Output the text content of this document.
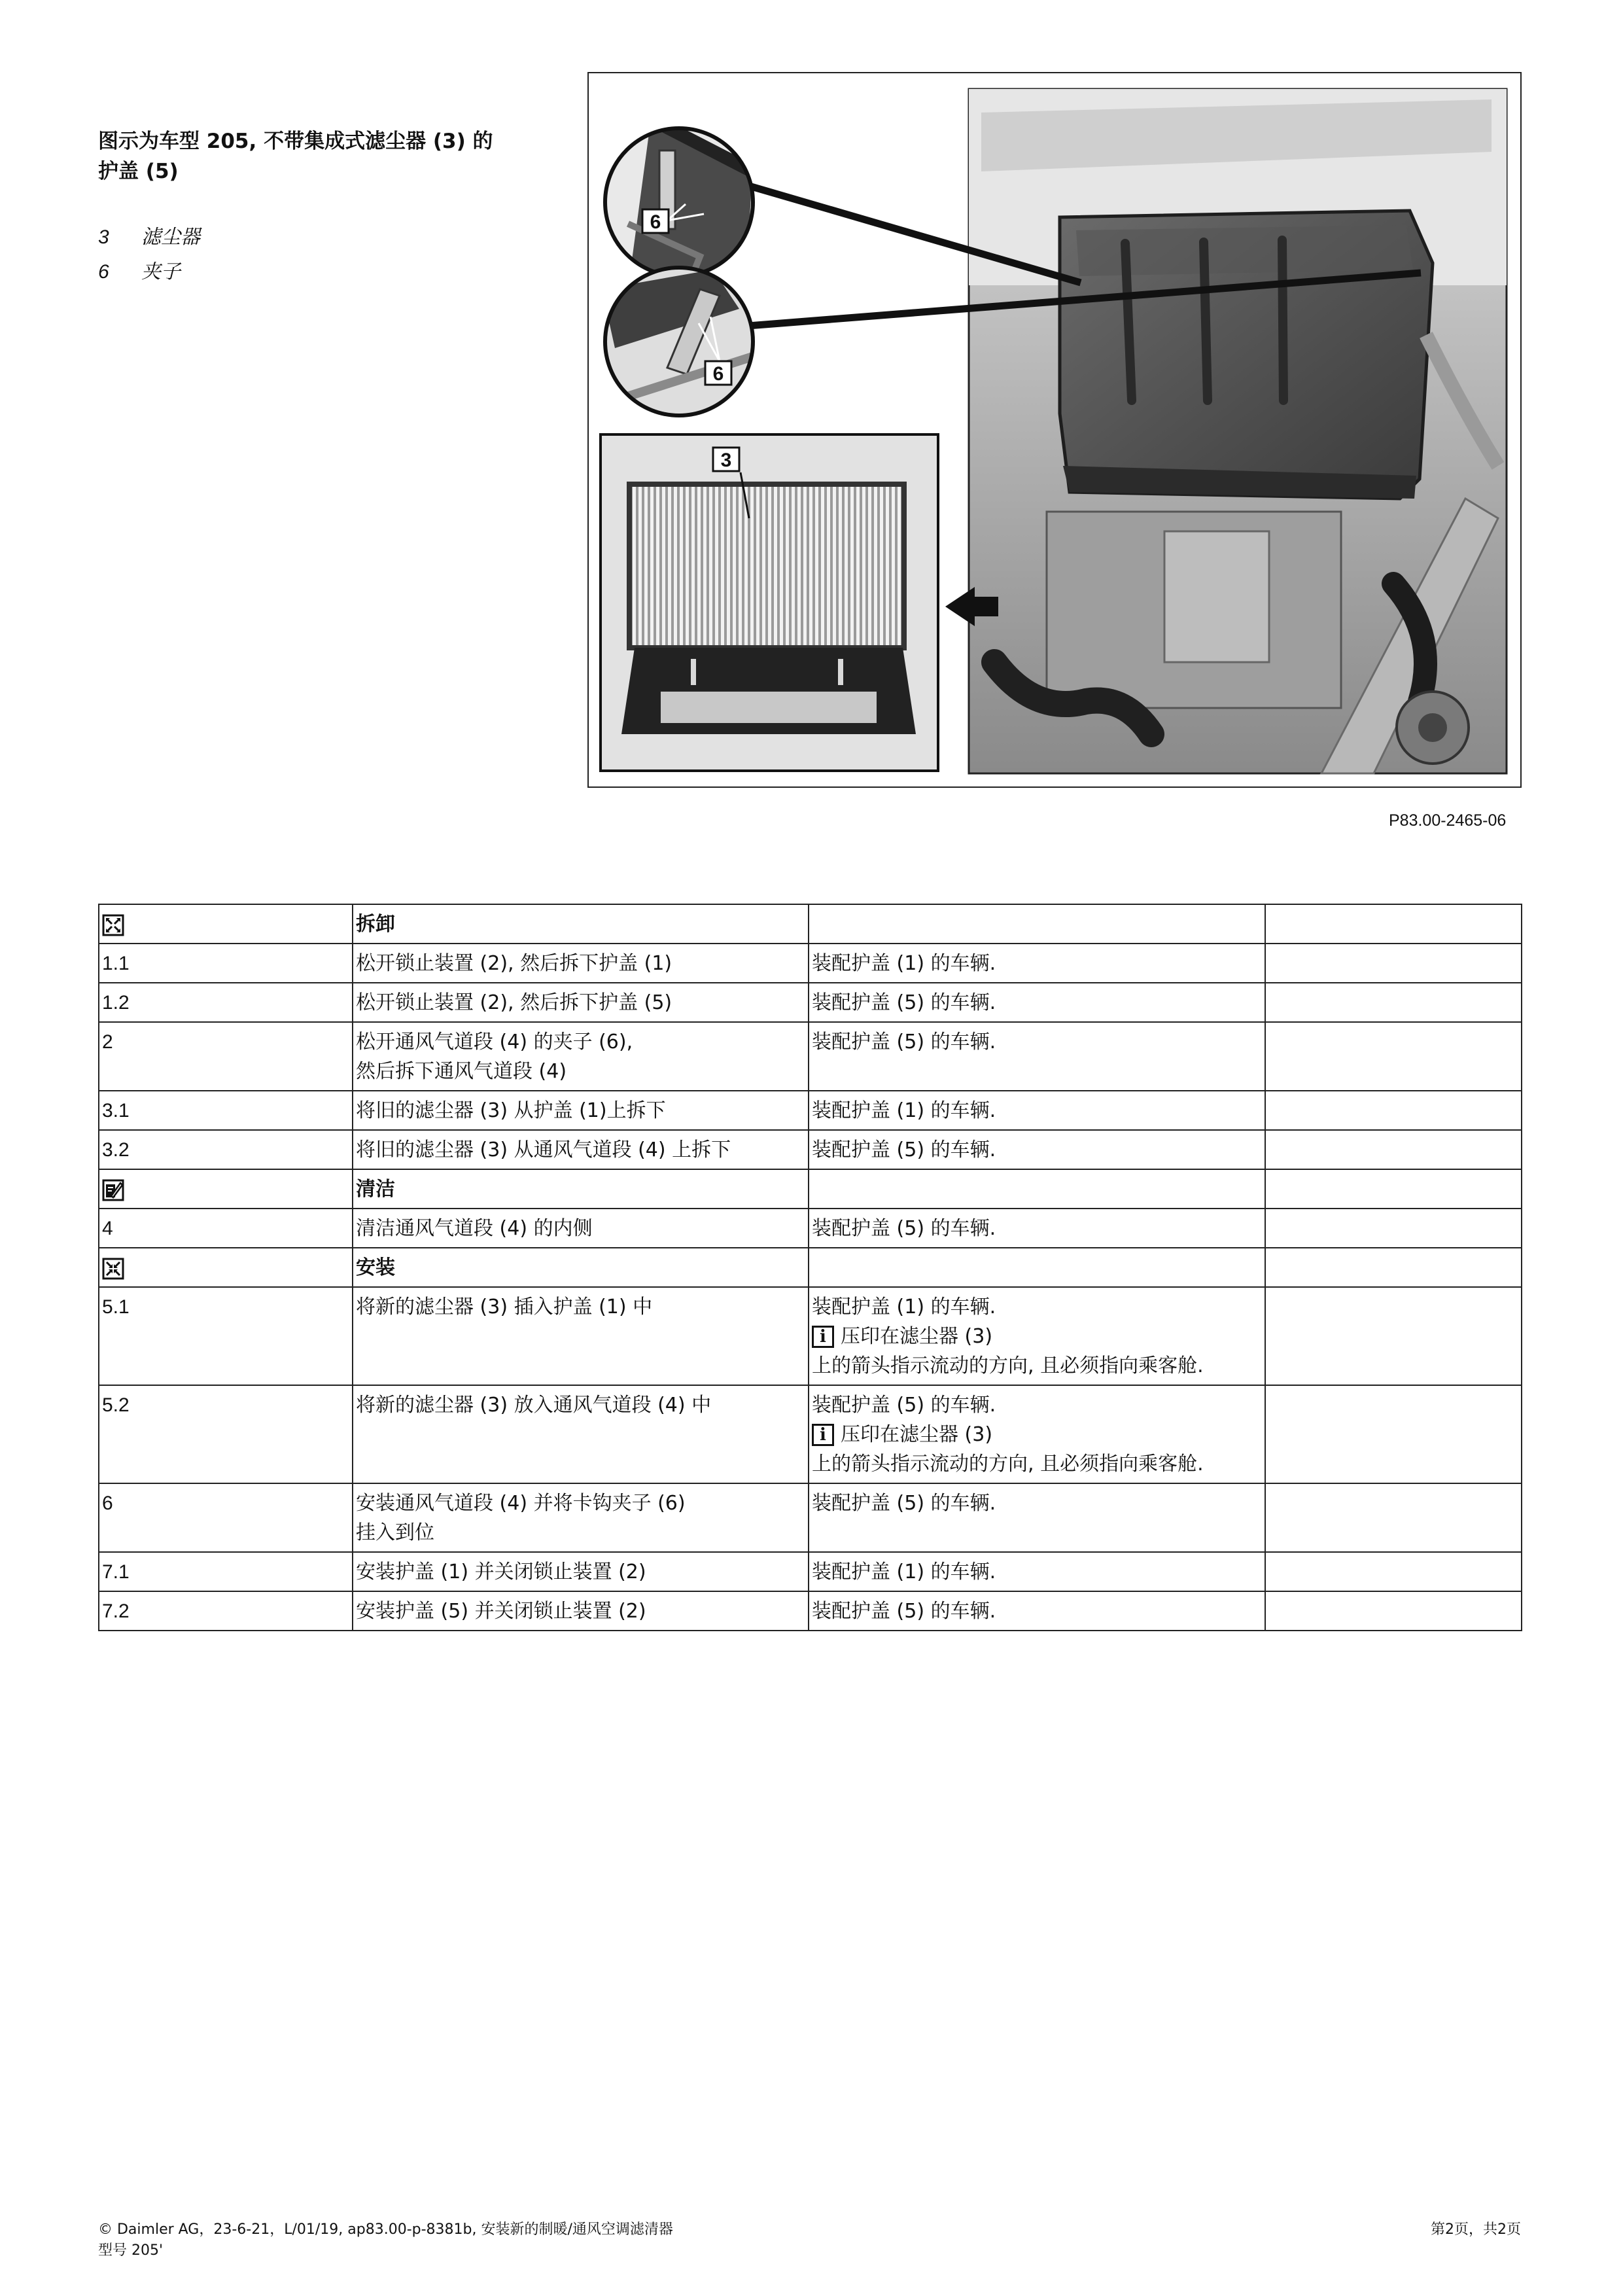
图示为车型 205, 不带集成式滤尘器 (3) 的护盖 (5)
3	滤尘器
6	夹子
6
6
3
P83.00-2465-06
	拆卸		
1.1	松开锁止装置 (2), 然后拆下护盖 (1)	装配护盖 (1) 的车辆.	
1.2	松开锁止装置 (2), 然后拆下护盖 (5)	装配护盖 (5) 的车辆.	
2	松开通风气道段 (4) 的夹子 (6),
然后拆下通风气道段 (4)	装配护盖 (5) 的车辆.	
3.1	将旧的滤尘器 (3) 从护盖 (1)上拆下	装配护盖 (1) 的车辆.	
3.2	将旧的滤尘器 (3) 从通风气道段 (4) 上拆下	装配护盖 (5) 的车辆.	
	清洁		
4	清洁通风气道段 (4) 的内侧	装配护盖 (5) 的车辆.	
	安装		
5.1	将新的滤尘器 (3) 插入护盖 (1) 中	装配护盖 (1) 的车辆.
i 压印在滤尘器 (3)
上的箭头指示流动的方向, 且必须指向乘客舱.	

5.2	将新的滤尘器 (3) 放入通风气道段 (4) 中	装配护盖 (5) 的车辆.
i 压印在滤尘器 (3)
上的箭头指示流动的方向, 且必须指向乘客舱.	

6	安装通风气道段 (4) 并将卡钩夹子 (6)
挂入到位	装配护盖 (5) 的车辆.	
7.1	安装护盖 (1) 并关闭锁止装置 (2)	装配护盖 (1) 的车辆.	
7.2	安装护盖 (5) 并关闭锁止装置 (2)	装配护盖 (5) 的车辆.	
© Daimler AG，23-6-21，L/01/19, ap83.00-p-8381b, 安装新的制暖/通风空调滤清器
型号 205'
第2页，共2页
